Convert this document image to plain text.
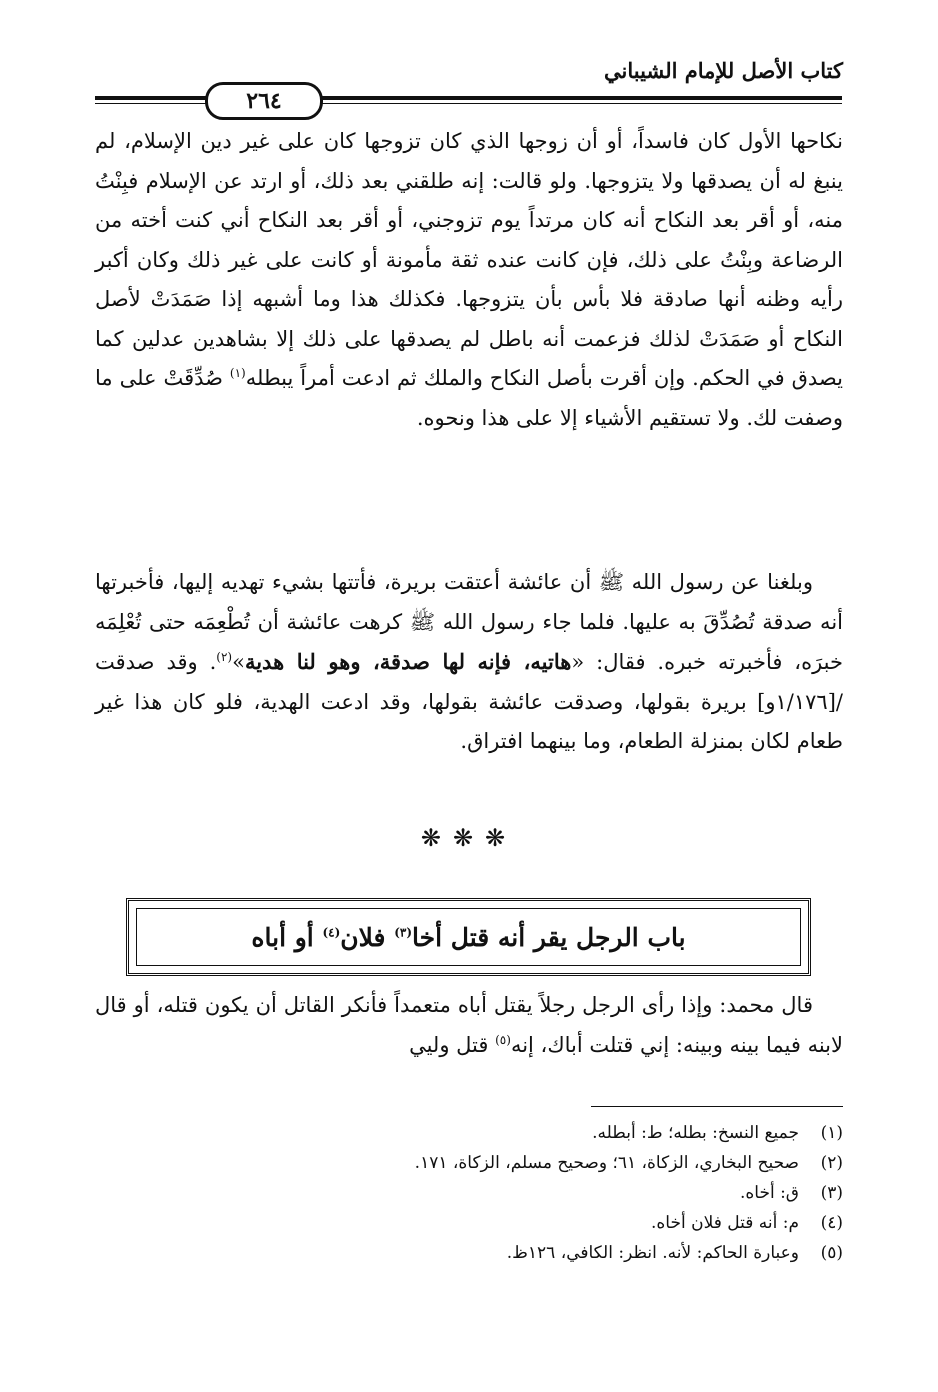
كتاب الأصل للإمام الشيباني
٢٦٤
نكاحها الأول كان فاسداً، أو أن زوجها الذي كان تزوجها كان على غير دين الإسلام، لم ينبغ له أن يصدقها ولا يتزوجها. ولو قالت: إنه طلقني بعد ذلك، أو ارتد عن الإسلام فبِنْتُ منه، أو أقر بعد النكاح أنه كان مرتداً يوم تزوجني، أو أقر بعد النكاح أني كنت أخته من الرضاعة وبِنْتُ على ذلك، فإن كانت عنده ثقة مأمونة أو كانت على غير ذلك وكان أكبر رأيه وظنه أنها صادقة فلا بأس بأن يتزوجها. فكذلك هذا وما أشبهه إذا صَمَدَتْ لأصل النكاح أو صَمَدَتْ لذلك فزعمت أنه باطل لم يصدقها على ذلك إلا بشاهدين عدلين كما يصدق في الحكم. وإن أقرت بأصل النكاح والملك ثم ادعت أمراً يبطله$^{(١)}$ صُدِّقَتْ على ما وصفت لك. ولا تستقيم الأشياء إلا على هذا ونحوه.
وبلغنا عن رسول الله ﷺ أن عائشة أعتقت بريرة، فأتتها بشيء تهديه إليها، فأخبرتها أنه صدقة تُصُدِّقَ به عليها. فلما جاء رسول الله ﷺ كرهت عائشة أن تُطْعِمَه حتى تُعْلِمَه خبرَه، فأخبرته خبره. فقال: «هاتيه، فإنه لها صدقة، وهو لنا هدية»$^{(٢)}$. وقد صدقت /[١/١٧٦و] بريرة بقولها، وصدقت عائشة بقولها، وقد ادعت الهدية، فلو كان هذا غير طعام لكان بمنزلة الطعام، وما بينهما افتراق.
❋❋❋
باب الرجل يقر أنه قتل أخا$^{(٣)}$ فلان$^{(٤)}$ أو أباه
قال محمد: وإذا رأى الرجل رجلاً يقتل أباه متعمداً فأنكر القاتل أن يكون قتله، أو قال لابنه فيما بينه وبينه: إني قتلت أباك، إنه$^{(٥)}$ قتل وليي
(١)
جميع النسخ: بطله؛ ط: أبطله.
(٢)
صحيح البخاري، الزكاة، ٦١؛ وصحيح مسلم، الزكاة، ١٧١.
(٣)
ق: أخاه.
(٤)
م: أنه قتل فلان أخاه.
(٥)
وعبارة الحاكم: لأنه. انظر: الكافي، ١٢٦ظ.
